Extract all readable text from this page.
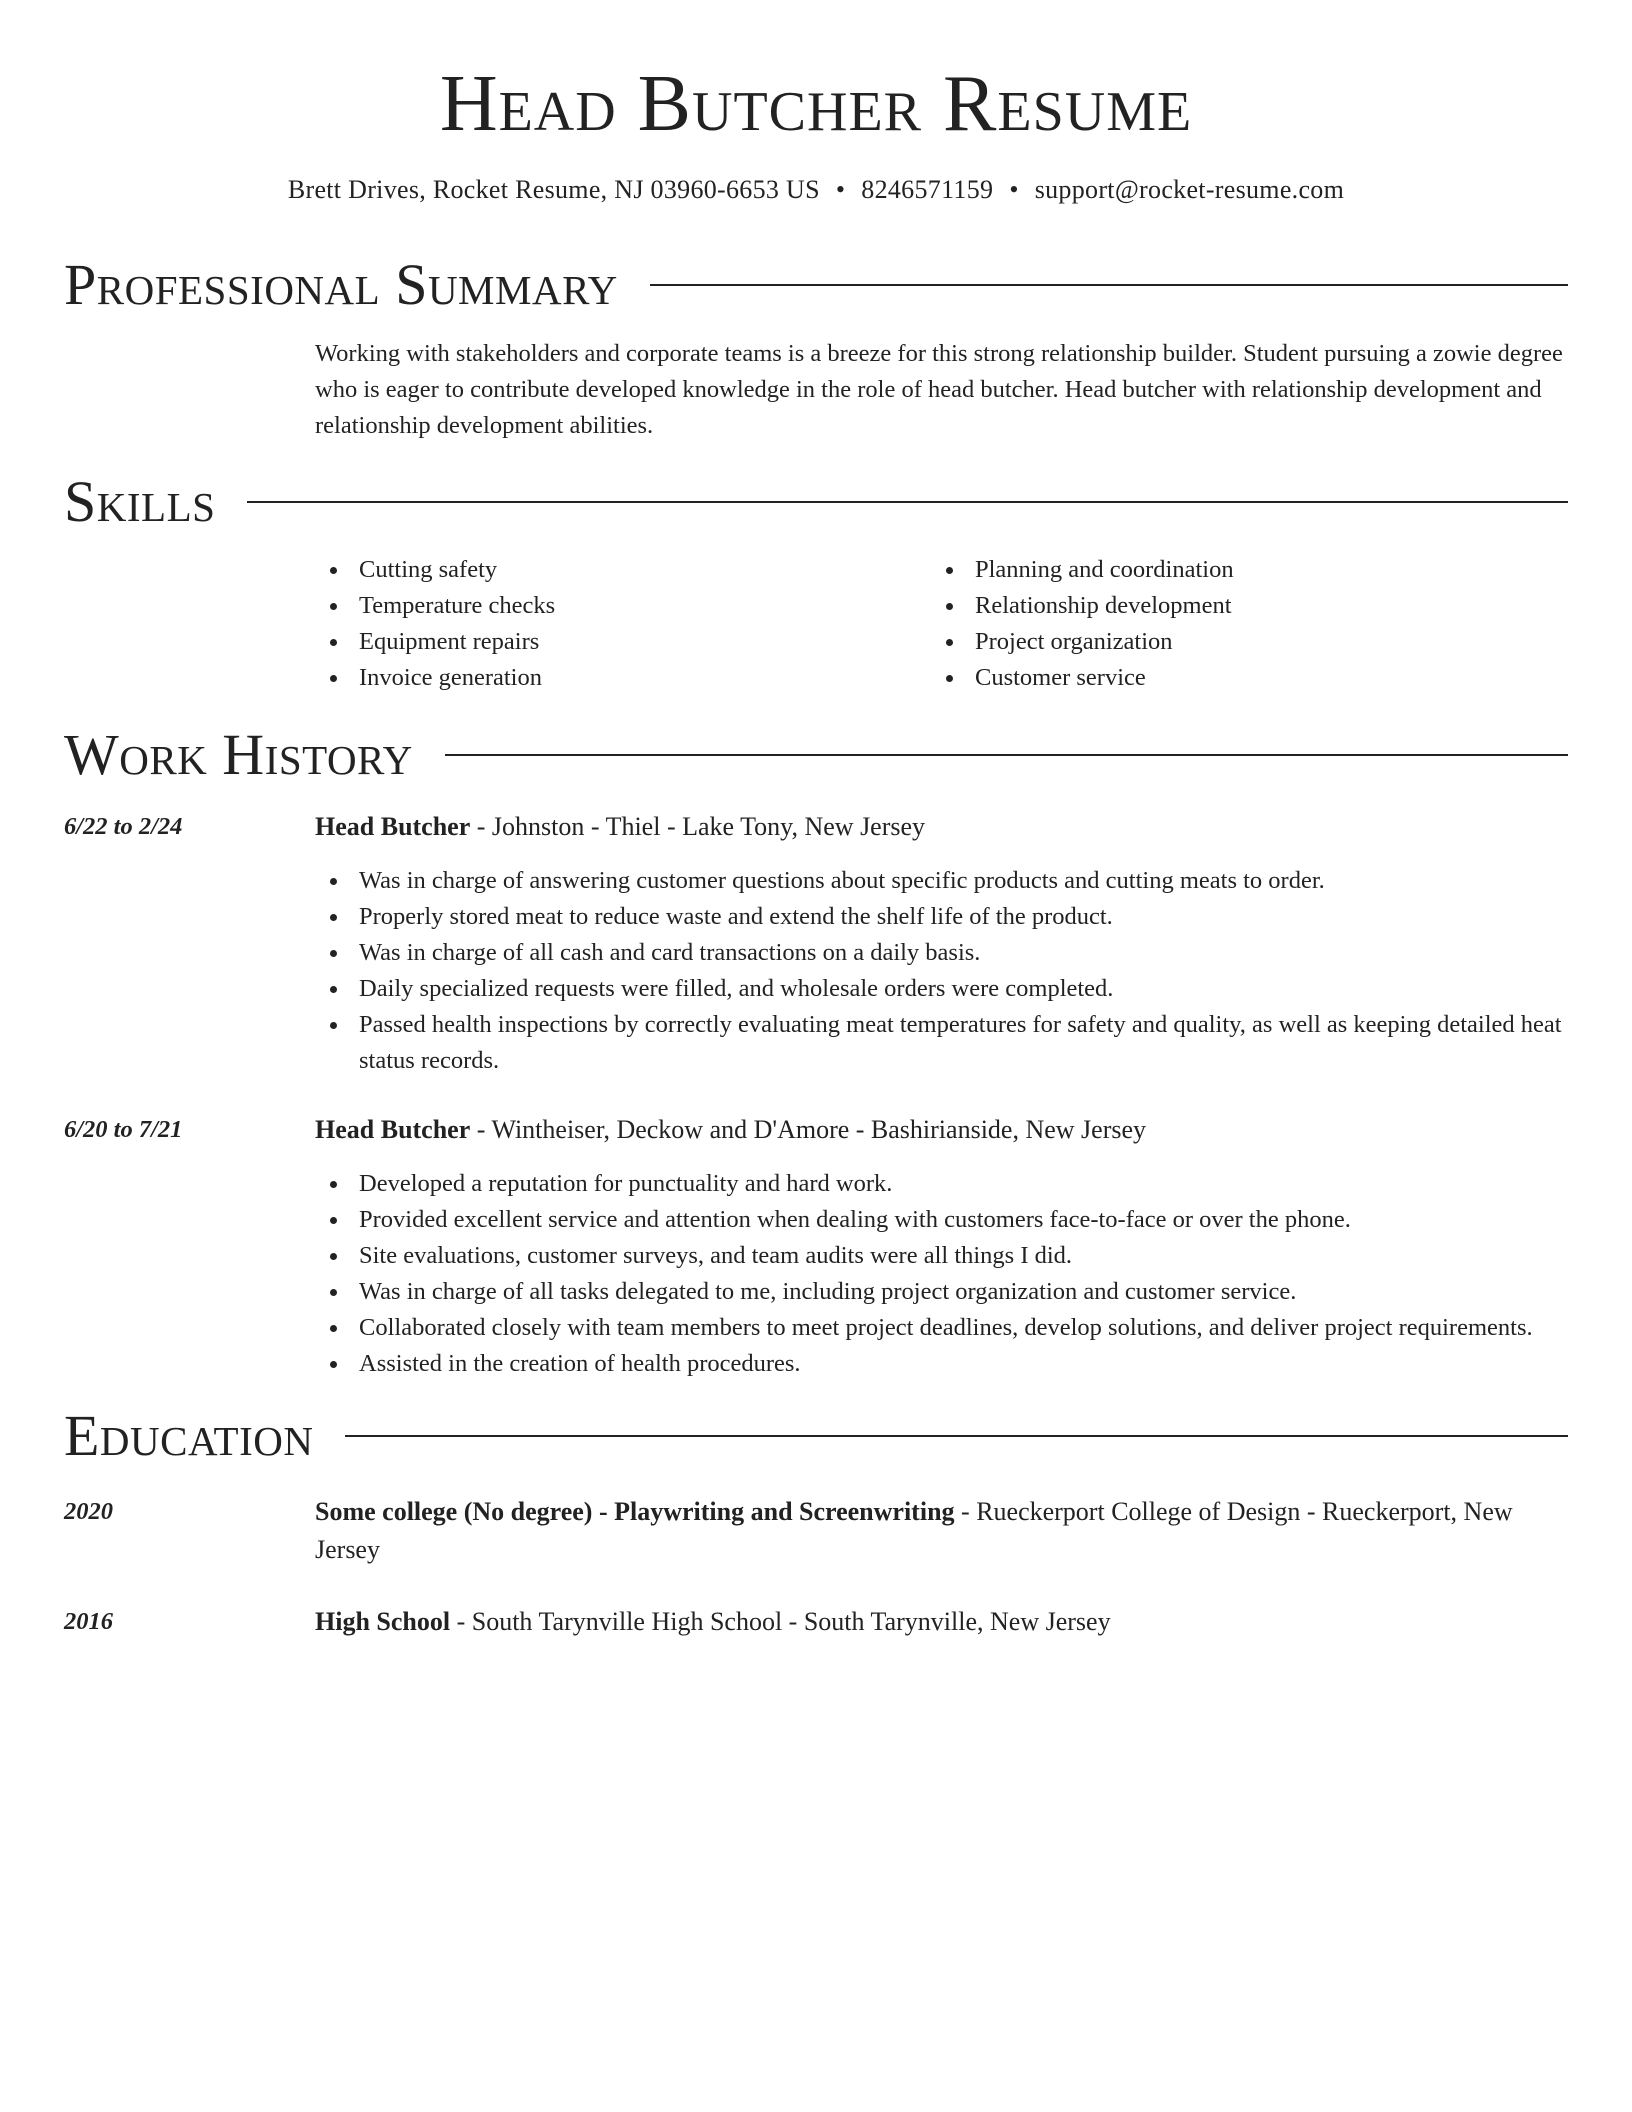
Head Butcher Resume
Brett Drives, Rocket Resume, NJ 03960-6653 US • 8246571159 • support@rocket-resume.com
Professional Summary
Working with stakeholders and corporate teams is a breeze for this strong relationship builder. Student pursuing a zowie degree who is eager to contribute developed knowledge in the role of head butcher. Head butcher with relationship development and relationship development abilities.
Skills
Cutting safety
Temperature checks
Equipment repairs
Invoice generation
Planning and coordination
Relationship development
Project organization
Customer service
Work History
6/22 to 2/24	Head Butcher - Johnston - Thiel - Lake Tony, New Jersey
Was in charge of answering customer questions about specific products and cutting meats to order.
Properly stored meat to reduce waste and extend the shelf life of the product.
Was in charge of all cash and card transactions on a daily basis.
Daily specialized requests were filled, and wholesale orders were completed.
Passed health inspections by correctly evaluating meat temperatures for safety and quality, as well as keeping detailed heat status records.
6/20 to 7/21	Head Butcher - Wintheiser, Deckow and D'Amore - Bashirianside, New Jersey
Developed a reputation for punctuality and hard work.
Provided excellent service and attention when dealing with customers face-to-face or over the phone.
Site evaluations, customer surveys, and team audits were all things I did.
Was in charge of all tasks delegated to me, including project organization and customer service.
Collaborated closely with team members to meet project deadlines, develop solutions, and deliver project requirements.
Assisted in the creation of health procedures.
Education
2020	Some college (No degree) - Playwriting and Screenwriting - Rueckerport College of Design - Rueckerport, New Jersey
2016	High School - South Tarynville High School - South Tarynville, New Jersey
